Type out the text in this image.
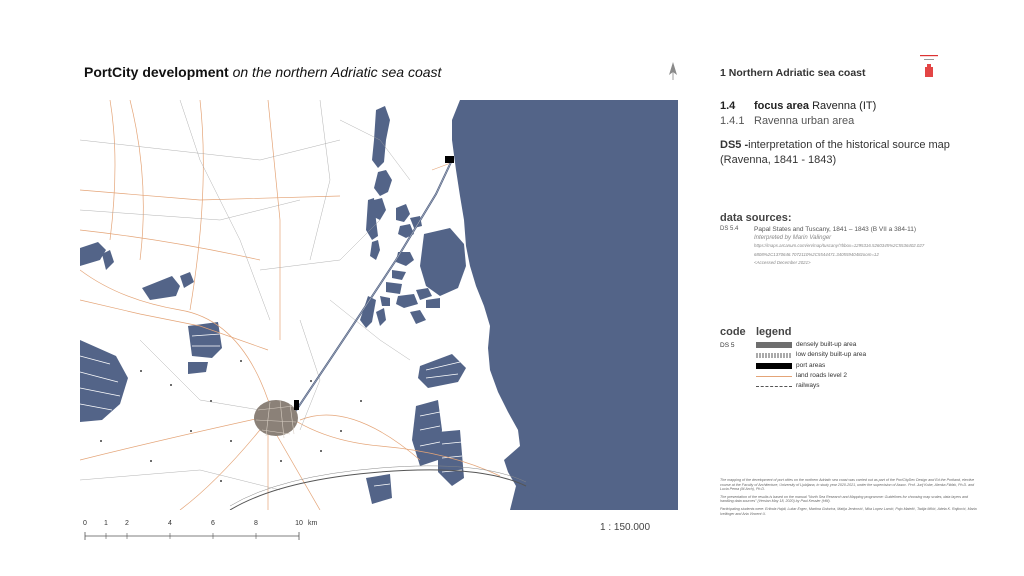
PortCity development on the northern Adriatic sea coast	1 Northern Adriatic sea coast
1.4 focus area Ravenna (IT)
1.4.1 Ravenna urban area
DS5 -interpretation of the historical source map (Ravenna, 1841 - 1843)
data sources:
DS 5.4 Papal States and Tuscany, 1841 – 1843 (B VII a 384-11)
Interpreted by Marin Valinger
https://maps.arcanum.com/en/map/tuscany/?bbox=1295316.5260345%2C5536402.027 6808%2C1370646.7072110%2C5544471.3405594048zoom=12
<Accessed December 2021>
code legend
DS 5	densely built-up area
low density built-up area
port areas
land roads level 2
railways

The mapping of the development of port cities on the northern Adriatic sea coast was carried out as part of the PortCityDev Design and Ed the Portland, elective course at the Faculty of Architecture, University of Ljubljana, in study year 2020-2021, under the supervision of Assoc. Prof. Jurij Kobe, Alenka Fikfak, Ph.D. and Lucia Perna (M.Arch), Ph.D.

The presentation of the results is based on the manual "North Sea Research and Mapping programme: Guidelines for choosing map scales, data layers and handling data sources" (Version May 18, 2020) by Paul Kessler (HM).

Participating students were: Erlinda Hajdi, Lukar Ergec, Martina Golorica, Matija Jeninović, Nika Lopez Lamić, Pajo Matelić, Tadija Mikić, Adela K. Rajković, Maria Ivellinger and Aria Vincent U.

1 : 150.000
0 1 2	4	6	8	10 km
